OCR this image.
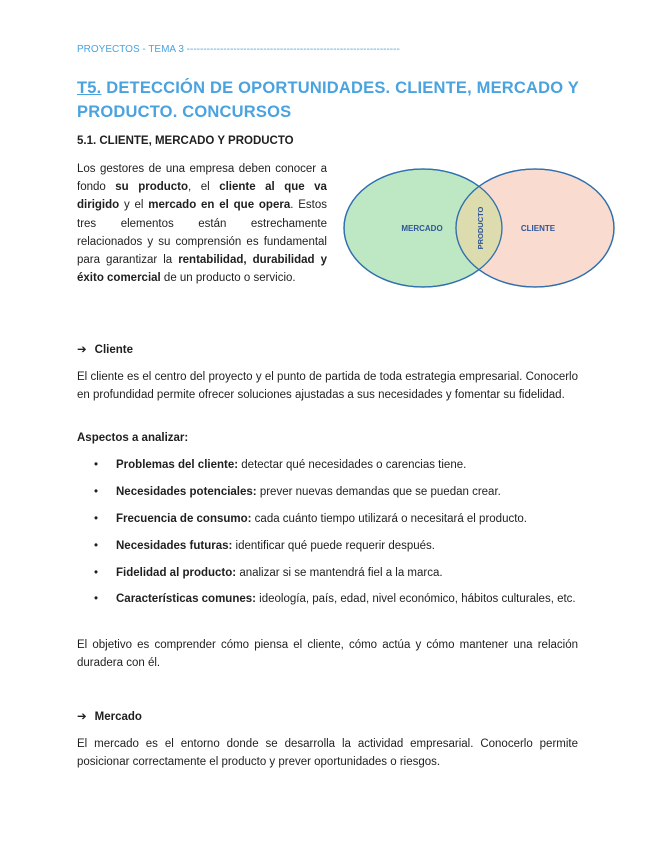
PROYECTOS - TEMA 3 ----------------------------------------------------------------
T5. DETECCIÓN DE OPORTUNIDADES. CLIENTE, MERCADO Y PRODUCTO. CONCURSOS
5.1. CLIENTE, MERCADO Y PRODUCTO
Los gestores de una empresa deben conocer a fondo su producto, el cliente al que va dirigido y el mercado en el que opera. Estos tres elementos están estrechamente relacionados y su comprensión es fundamental para garantizar la rentabilidad, durabilidad y éxito comercial de un producto o servicio.
MERCADO	CLIENTE
PRODUCTO
➔ Cliente
El cliente es el centro del proyecto y el punto de partida de toda estrategia empresarial. Conocerlo en profundidad permite ofrecer soluciones ajustadas a sus necesidades y fomentar su fidelidad.
Aspectos a analizar:
• Problemas del cliente: detectar qué necesidades o carencias tiene.
• Necesidades potenciales: prever nuevas demandas que se puedan crear.
• Frecuencia de consumo: cada cuánto tiempo utilizará o necesitará el producto.
• Necesidades futuras: identificar qué puede requerir después.
• Fidelidad al producto: analizar si se mantendrá fiel a la marca.
• Características comunes: ideología, país, edad, nivel económico, hábitos culturales, etc.
El objetivo es comprender cómo piensa el cliente, cómo actúa y cómo mantener una relación duradera con él.
➔ Mercado
El mercado es el entorno donde se desarrolla la actividad empresarial. Conocerlo permite posicionar correctamente el producto y prever oportunidades o riesgos.
